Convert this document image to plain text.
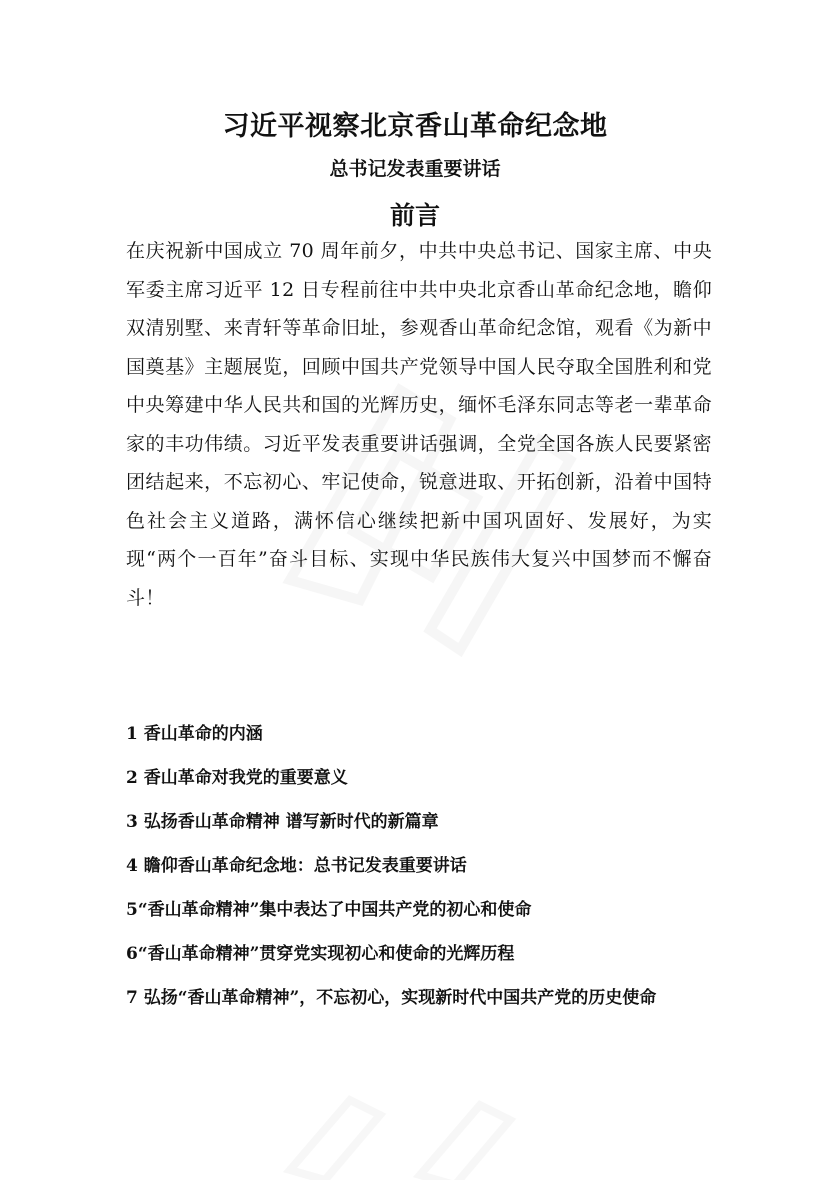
习近平视察北京香山革命纪念地
总书记发表重要讲话
前言
在庆祝新中国成立 70 周年前夕，中共中央总书记、国家主席、中央军委主席习近平 12 日专程前往中共中央北京香山革命纪念地，瞻仰双清别墅、来青轩等革命旧址，参观香山革命纪念馆，观看《为新中国奠基》主题展览，回顾中国共产党领导中国人民夺取全国胜利和党中央筹建中华人民共和国的光辉历史，缅怀毛泽东同志等老一辈革命家的丰功伟绩。习近平发表重要讲话强调，全党全国各族人民要紧密团结起来，不忘初心、牢记使命，锐意进取、开拓创新，沿着中国特色社会主义道路，满怀信心继续把新中国巩固好、发展好，为实现“两个一百年”奋斗目标、实现中华民族伟大复兴中国梦而不懈奋斗！
1 香山革命的内涵
2 香山革命对我党的重要意义
3 弘扬香山革命精神 谱写新时代的新篇章
4 瞻仰香山革命纪念地：总书记发表重要讲话
5“香山革命精神”集中表达了中国共产党的初心和使命
6“香山革命精神”贯穿党实现初心和使命的光辉历程
7 弘扬“香山革命精神”，不忘初心，实现新时代中国共产党的历史使命
